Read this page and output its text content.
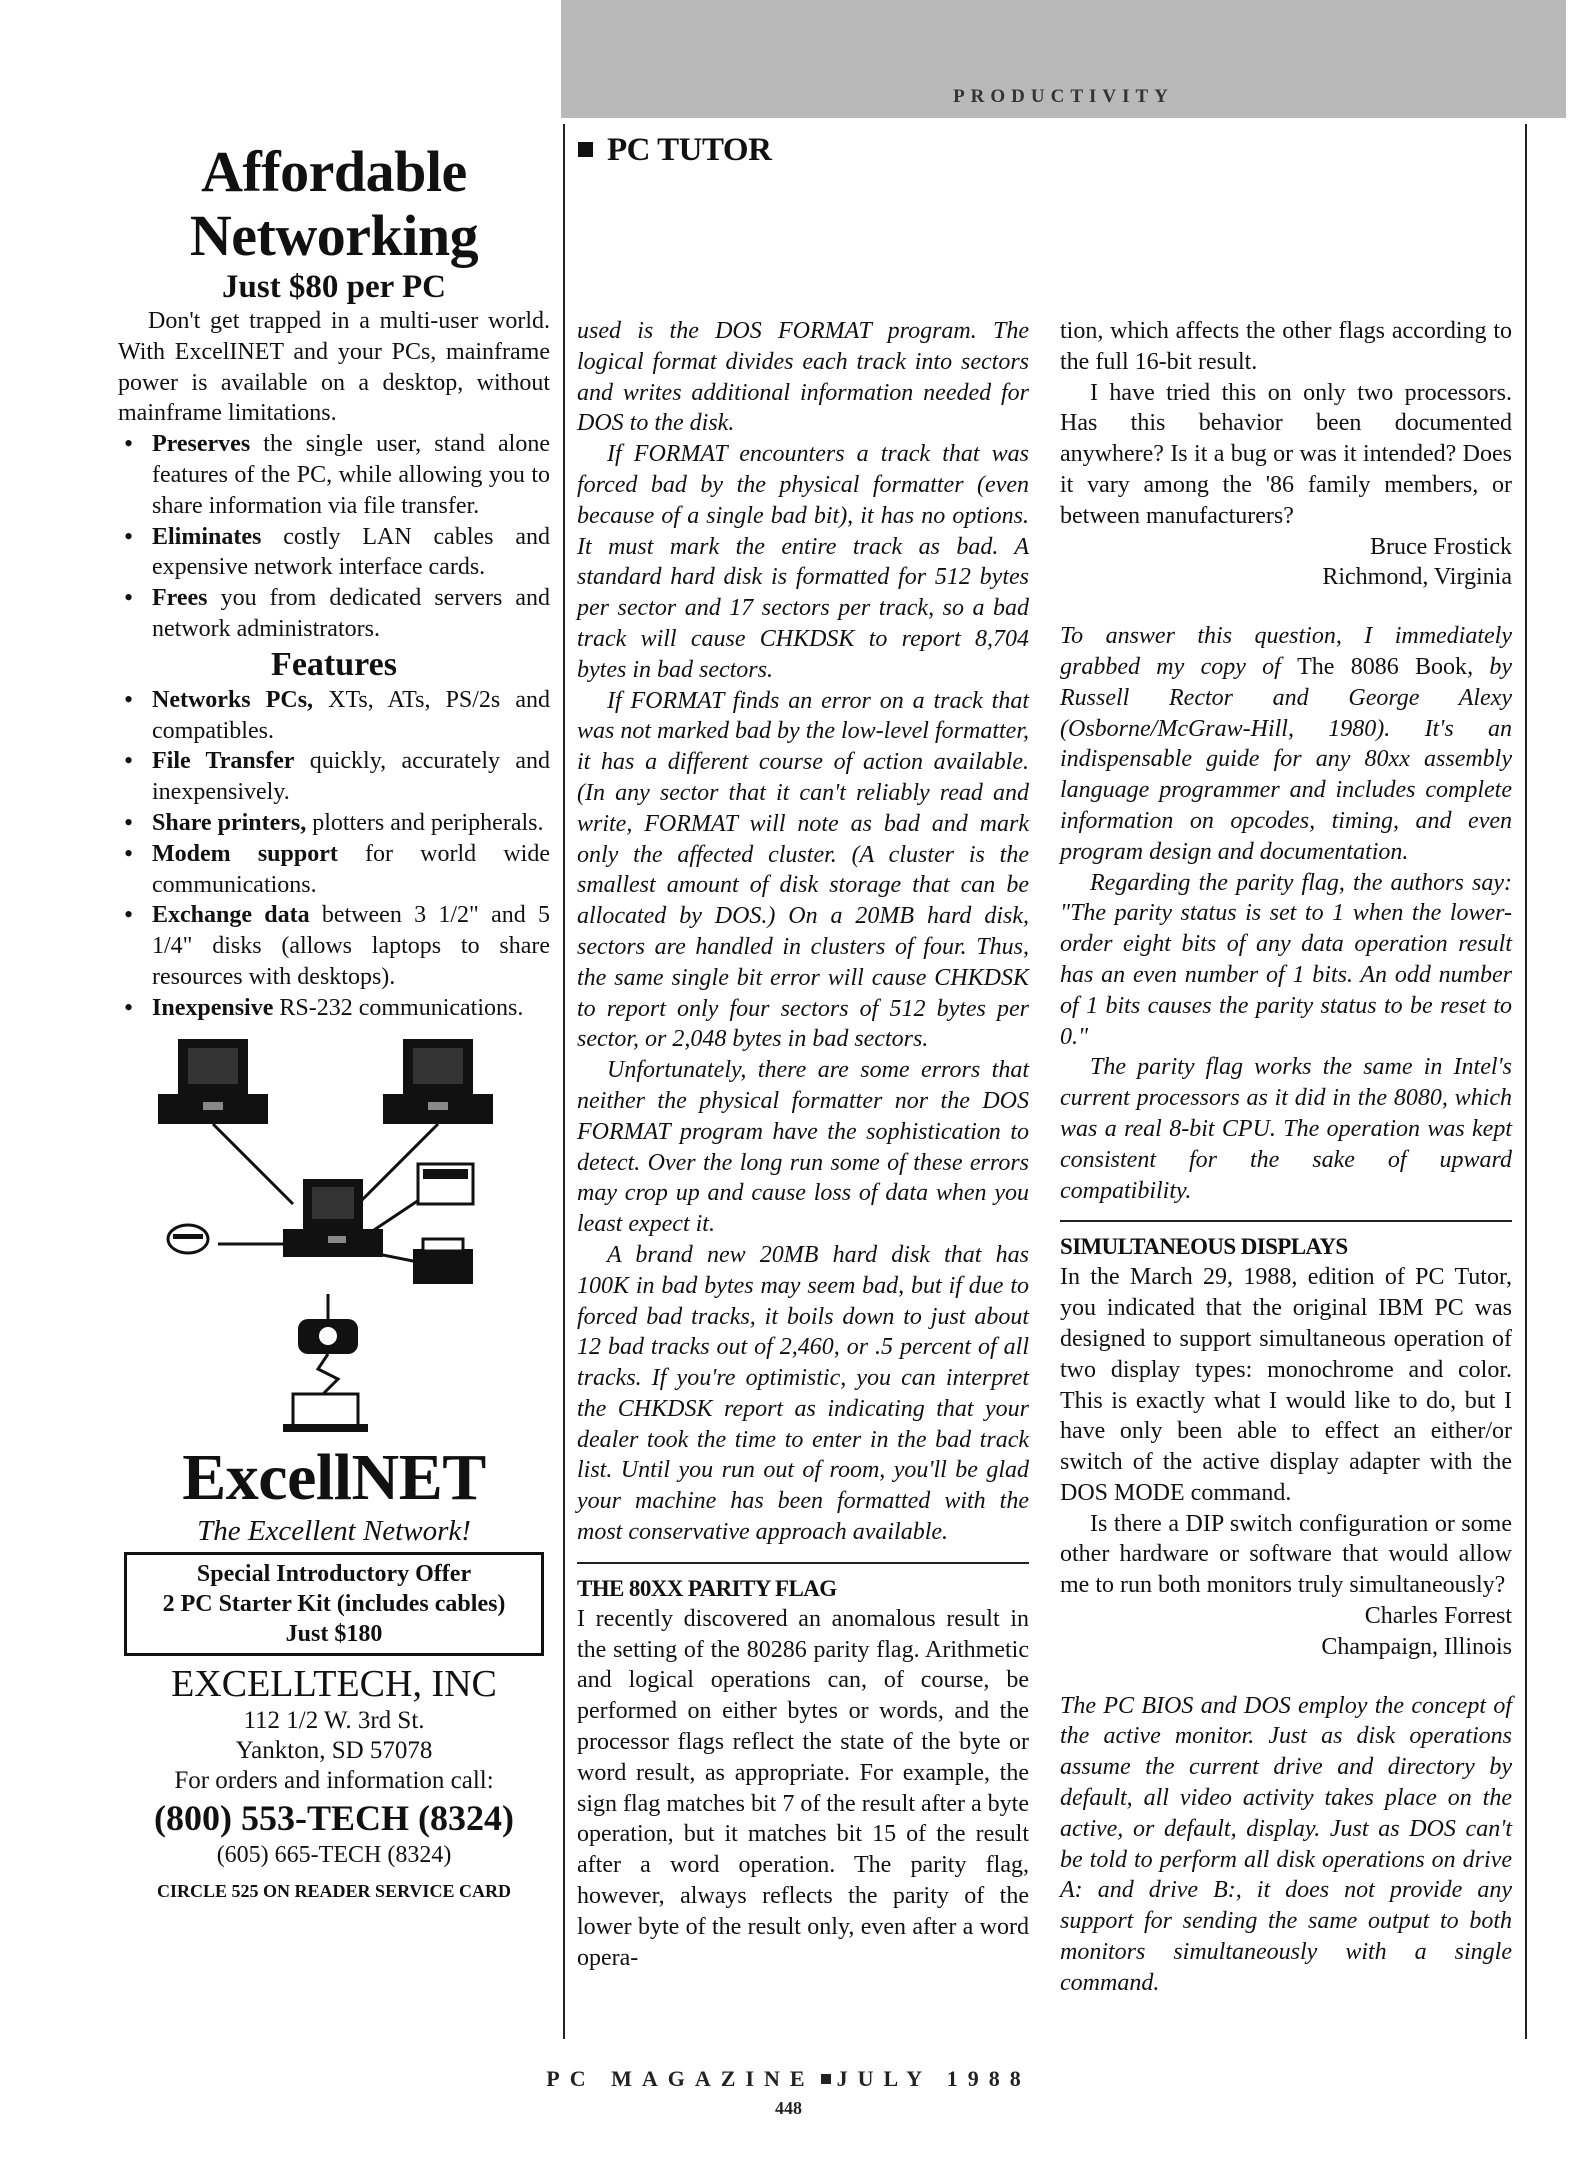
PRODUCTIVITY
PC TUTOR
Affordable
Networking
Just $80 per PC

Don't get trapped in a multi-user world. With ExcelINET and your PCs, mainframe power is available on a desktop, without mainframe limitations.

• Preserves the single user, stand alone features of the PC, while allowing you to share information via file transfer.
• Eliminates costly LAN cables and expensive network interface cards.
• Frees you from dedicated servers and network administrators.
Features
• Networks PCs, XTs, ATs, PS/2s and compatibles.
• File Transfer quickly, accurately and inexpensively.
• Share printers, plotters and peripherals.
• Modem support for world wide communications.
• Exchange data between 3 1/2" and 5 1/4" disks (allows laptops to share resources with desktops).
• Inexpensive RS-232 communications.
ExcellNET
The Excellent Network!
Special Introductory Offer
2 PC Starter Kit (includes cables)
Just $180
EXCELLTECH, INC
112 1/2 W. 3rd St.
Yankton, SD 57078
For orders and information call:
(800) 553-TECH (8324)
(605) 665-TECH (8324)
CIRCLE 525 ON READER SERVICE CARD

used is the DOS FORMAT program. The logical format divides each track into sectors and writes additional information needed for DOS to the disk.

If FORMAT encounters a track that was forced bad by the physical formatter (even because of a single bad bit), it has no options. It must mark the entire track as bad. A standard hard disk is formatted for 512 bytes per sector and 17 sectors per track, so a bad track will cause CHKDSK to report 8,704 bytes in bad sectors.

If FORMAT finds an error on a track that was not marked bad by the low-level formatter, it has a different course of action available. (In any sector that it can't reliably read and write, FORMAT will note as bad and mark only the affected cluster. (A cluster is the smallest amount of disk storage that can be allocated by DOS.) On a 20MB hard disk, sectors are handled in clusters of four. Thus, the same single bit error will cause CHKDSK to report only four sectors of 512 bytes per sector, or 2,048 bytes in bad sectors.

Unfortunately, there are some errors that neither the physical formatter nor the DOS FORMAT program have the sophistication to detect. Over the long run some of these errors may crop up and cause loss of data when you least expect it.

A brand new 20MB hard disk that has 100K in bad bytes may seem bad, but if due to forced bad tracks, it boils down to just about 12 bad tracks out of 2,460, or .5 percent of all tracks. If you're optimistic, you can interpret the CHKDSK report as indicating that your dealer took the time to enter in the bad track list. Until you run out of room, you'll be glad your machine has been formatted with the most conservative approach available.

THE 80XX PARITY FLAG

I recently discovered an anomalous result in the setting of the 80286 parity flag. Arithmetic and logical operations can, of course, be performed on either bytes or words, and the processor flags reflect the state of the byte or word result, as appropriate. For example, the sign flag matches bit 7 of the result after a byte operation, but it matches bit 15 of the result after a word operation. The parity flag, however, always reflects the parity of the lower byte of the result only, even after a word opera-

tion, which affects the other flags according to the full 16-bit result.

I have tried this on only two processors. Has this behavior been documented anywhere? Is it a bug or was it intended? Does it vary among the '86 family members, or between manufacturers?

Bruce Frostick

Richmond, Virginia

To answer this question, I immediately grabbed my copy of The 8086 Book, by Russell Rector and George Alexy (Osborne/McGraw-Hill, 1980). It's an indispensable guide for any 80xx assembly language programmer and includes complete information on opcodes, timing, and even program design and documentation.

Regarding the parity flag, the authors say: "The parity status is set to 1 when the lower-order eight bits of any data operation result has an even number of 1 bits. An odd number of 1 bits causes the parity status to be reset to 0."

The parity flag works the same in Intel's current processors as it did in the 8080, which was a real 8-bit CPU. The operation was kept consistent for the sake of upward compatibility.

SIMULTANEOUS DISPLAYS

In the March 29, 1988, edition of PC Tutor, you indicated that the original IBM PC was designed to support simultaneous operation of two display types: monochrome and color. This is exactly what I would like to do, but I have only been able to effect an either/or switch of the active display adapter with the DOS MODE command.

Is there a DIP switch configuration or some other hardware or software that would allow me to run both monitors truly simultaneously?

Charles Forrest

Champaign, Illinois

The PC BIOS and DOS employ the concept of the active monitor. Just as disk operations assume the current drive and directory by default, all video activity takes place on the active, or default, display. Just as DOS can't be told to perform all disk operations on drive A: and drive B:, it does not provide any support for sending the same output to both monitors simultaneously with a single command.

PC MAGAZINE JULY 1988
448
